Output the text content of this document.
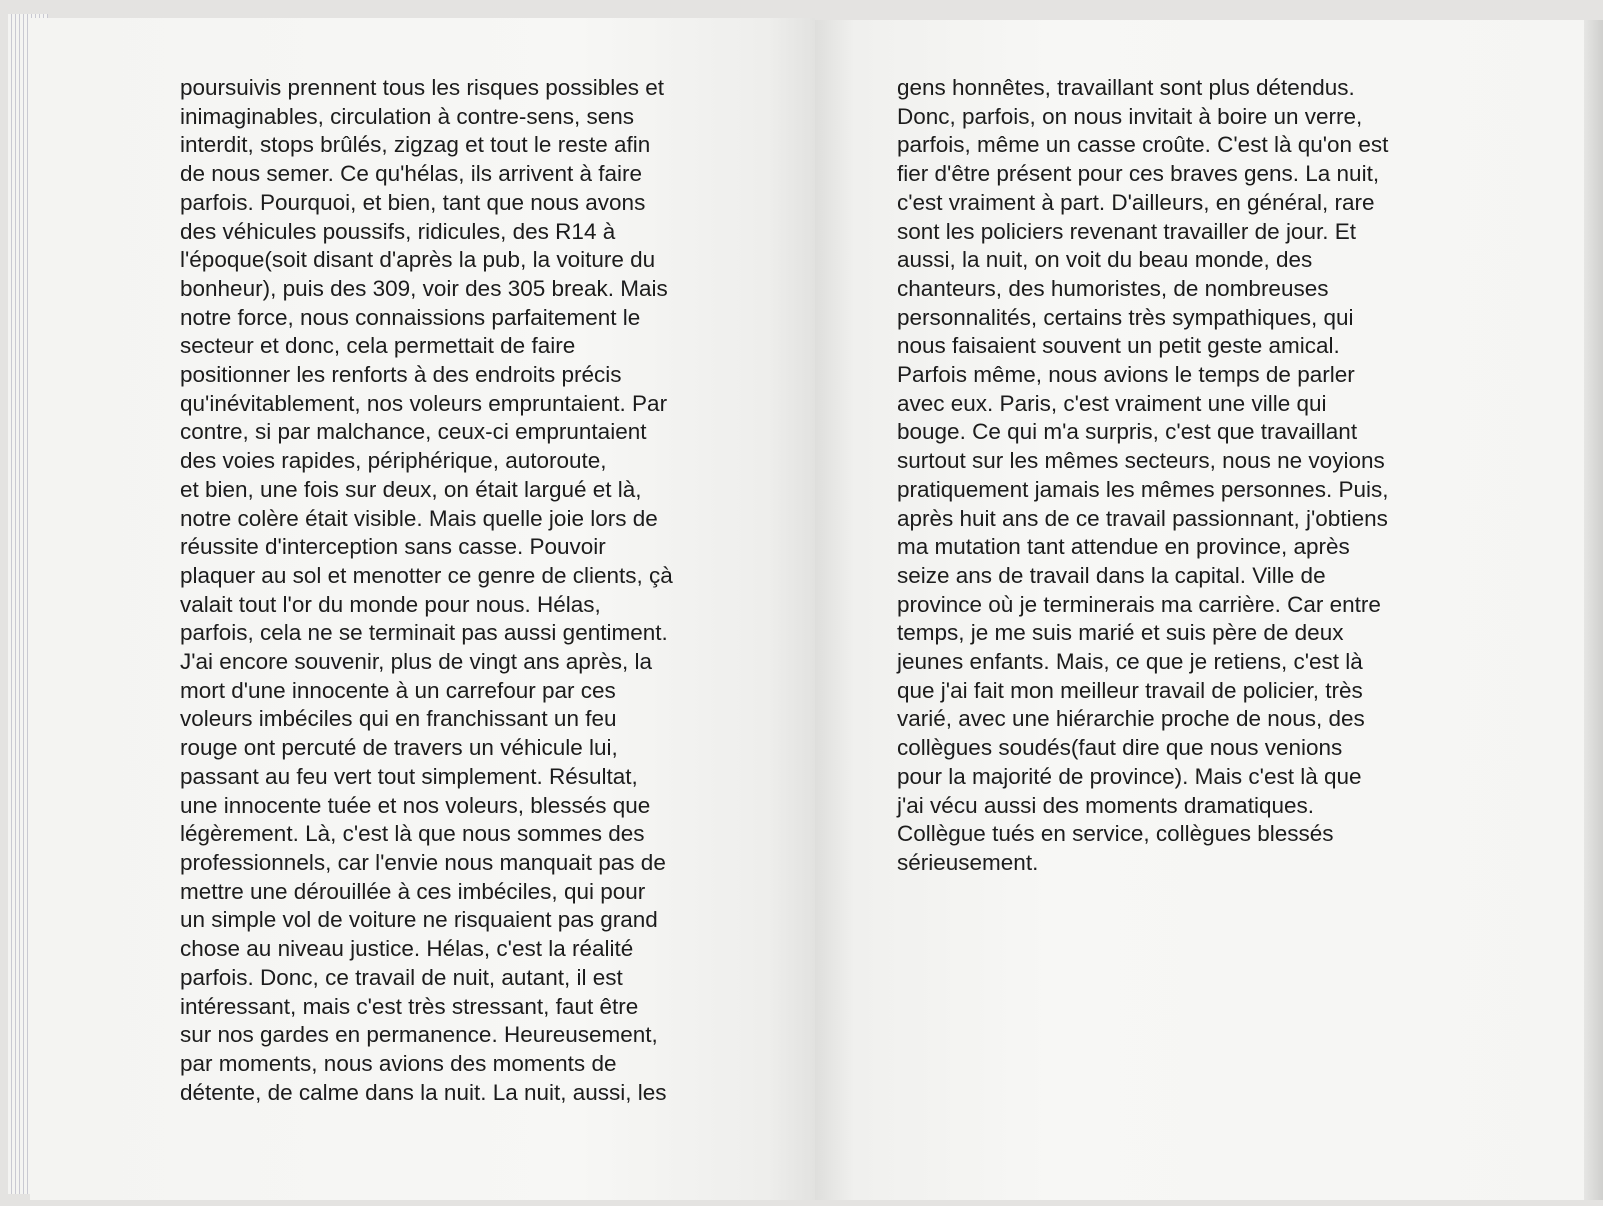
poursuivis prennent tous les risques possibles et
inimaginables, circulation à contre-sens, sens
interdit, stops brûlés, zigzag et tout le reste afin
de nous semer. Ce qu'hélas, ils arrivent à faire
parfois. Pourquoi, et bien, tant que nous avons
des véhicules poussifs, ridicules, des R14 à
l'époque(soit disant d'après la pub, la voiture du
bonheur), puis des 309, voir des 305 break. Mais
notre force, nous connaissions parfaitement le
secteur et donc, cela permettait de faire
positionner les renforts à des endroits précis
qu'inévitablement, nos voleurs empruntaient. Par
contre, si par malchance, ceux-ci empruntaient
des voies rapides, périphérique, autoroute,
et bien, une fois sur deux, on était largué et là,
notre colère était visible. Mais quelle joie lors de
réussite d'interception sans casse. Pouvoir
plaquer au sol et menotter ce genre de clients, çà
valait tout l'or du monde pour nous. Hélas,
parfois, cela ne se terminait pas aussi gentiment.
J'ai encore souvenir, plus de vingt ans après, la
mort d'une innocente à un carrefour par ces
voleurs imbéciles qui en franchissant un feu
rouge ont percuté de travers un véhicule lui,
passant au feu vert tout simplement. Résultat,
une innocente tuée et nos voleurs, blessés que
légèrement. Là, c'est là que nous sommes des
professionnels, car l'envie nous manquait pas de
mettre une dérouillée à ces imbéciles, qui pour
un simple vol de voiture ne risquaient pas grand
chose au niveau justice. Hélas, c'est la réalité
parfois. Donc, ce travail de nuit, autant, il est
intéressant, mais c'est très stressant, faut être
sur nos gardes en permanence. Heureusement,
par moments, nous avions des moments de
détente, de calme dans la nuit. La nuit, aussi, les
gens honnêtes, travaillant sont plus détendus.
Donc, parfois, on nous invitait à boire un verre,
parfois, même un casse croûte. C'est là qu'on est
fier d'être présent pour ces braves gens. La nuit,
c'est vraiment à part. D'ailleurs, en général, rare
sont les policiers revenant travailler de jour. Et
aussi, la nuit, on voit du beau monde, des
chanteurs, des humoristes, de nombreuses
personnalités, certains très sympathiques, qui
nous faisaient souvent un petit geste amical.
Parfois même, nous avions le temps de parler
avec eux. Paris, c'est vraiment une ville qui
bouge. Ce qui m'a surpris, c'est que travaillant
surtout sur les mêmes secteurs, nous ne voyions
pratiquement jamais les mêmes personnes. Puis,
après huit ans de ce travail passionnant, j'obtiens
ma mutation tant attendue en province, après
seize ans de travail dans la capital. Ville de
province où je terminerais ma carrière. Car entre
temps, je me suis marié et suis père de deux
jeunes enfants. Mais, ce que je retiens, c'est là
que j'ai fait mon meilleur travail de policier, très
varié, avec une hiérarchie proche de nous, des
collègues soudés(faut dire que nous venions
pour la majorité de province). Mais c'est là que
j'ai vécu aussi des moments dramatiques.
Collègue tués en service, collègues blessés
sérieusement.
